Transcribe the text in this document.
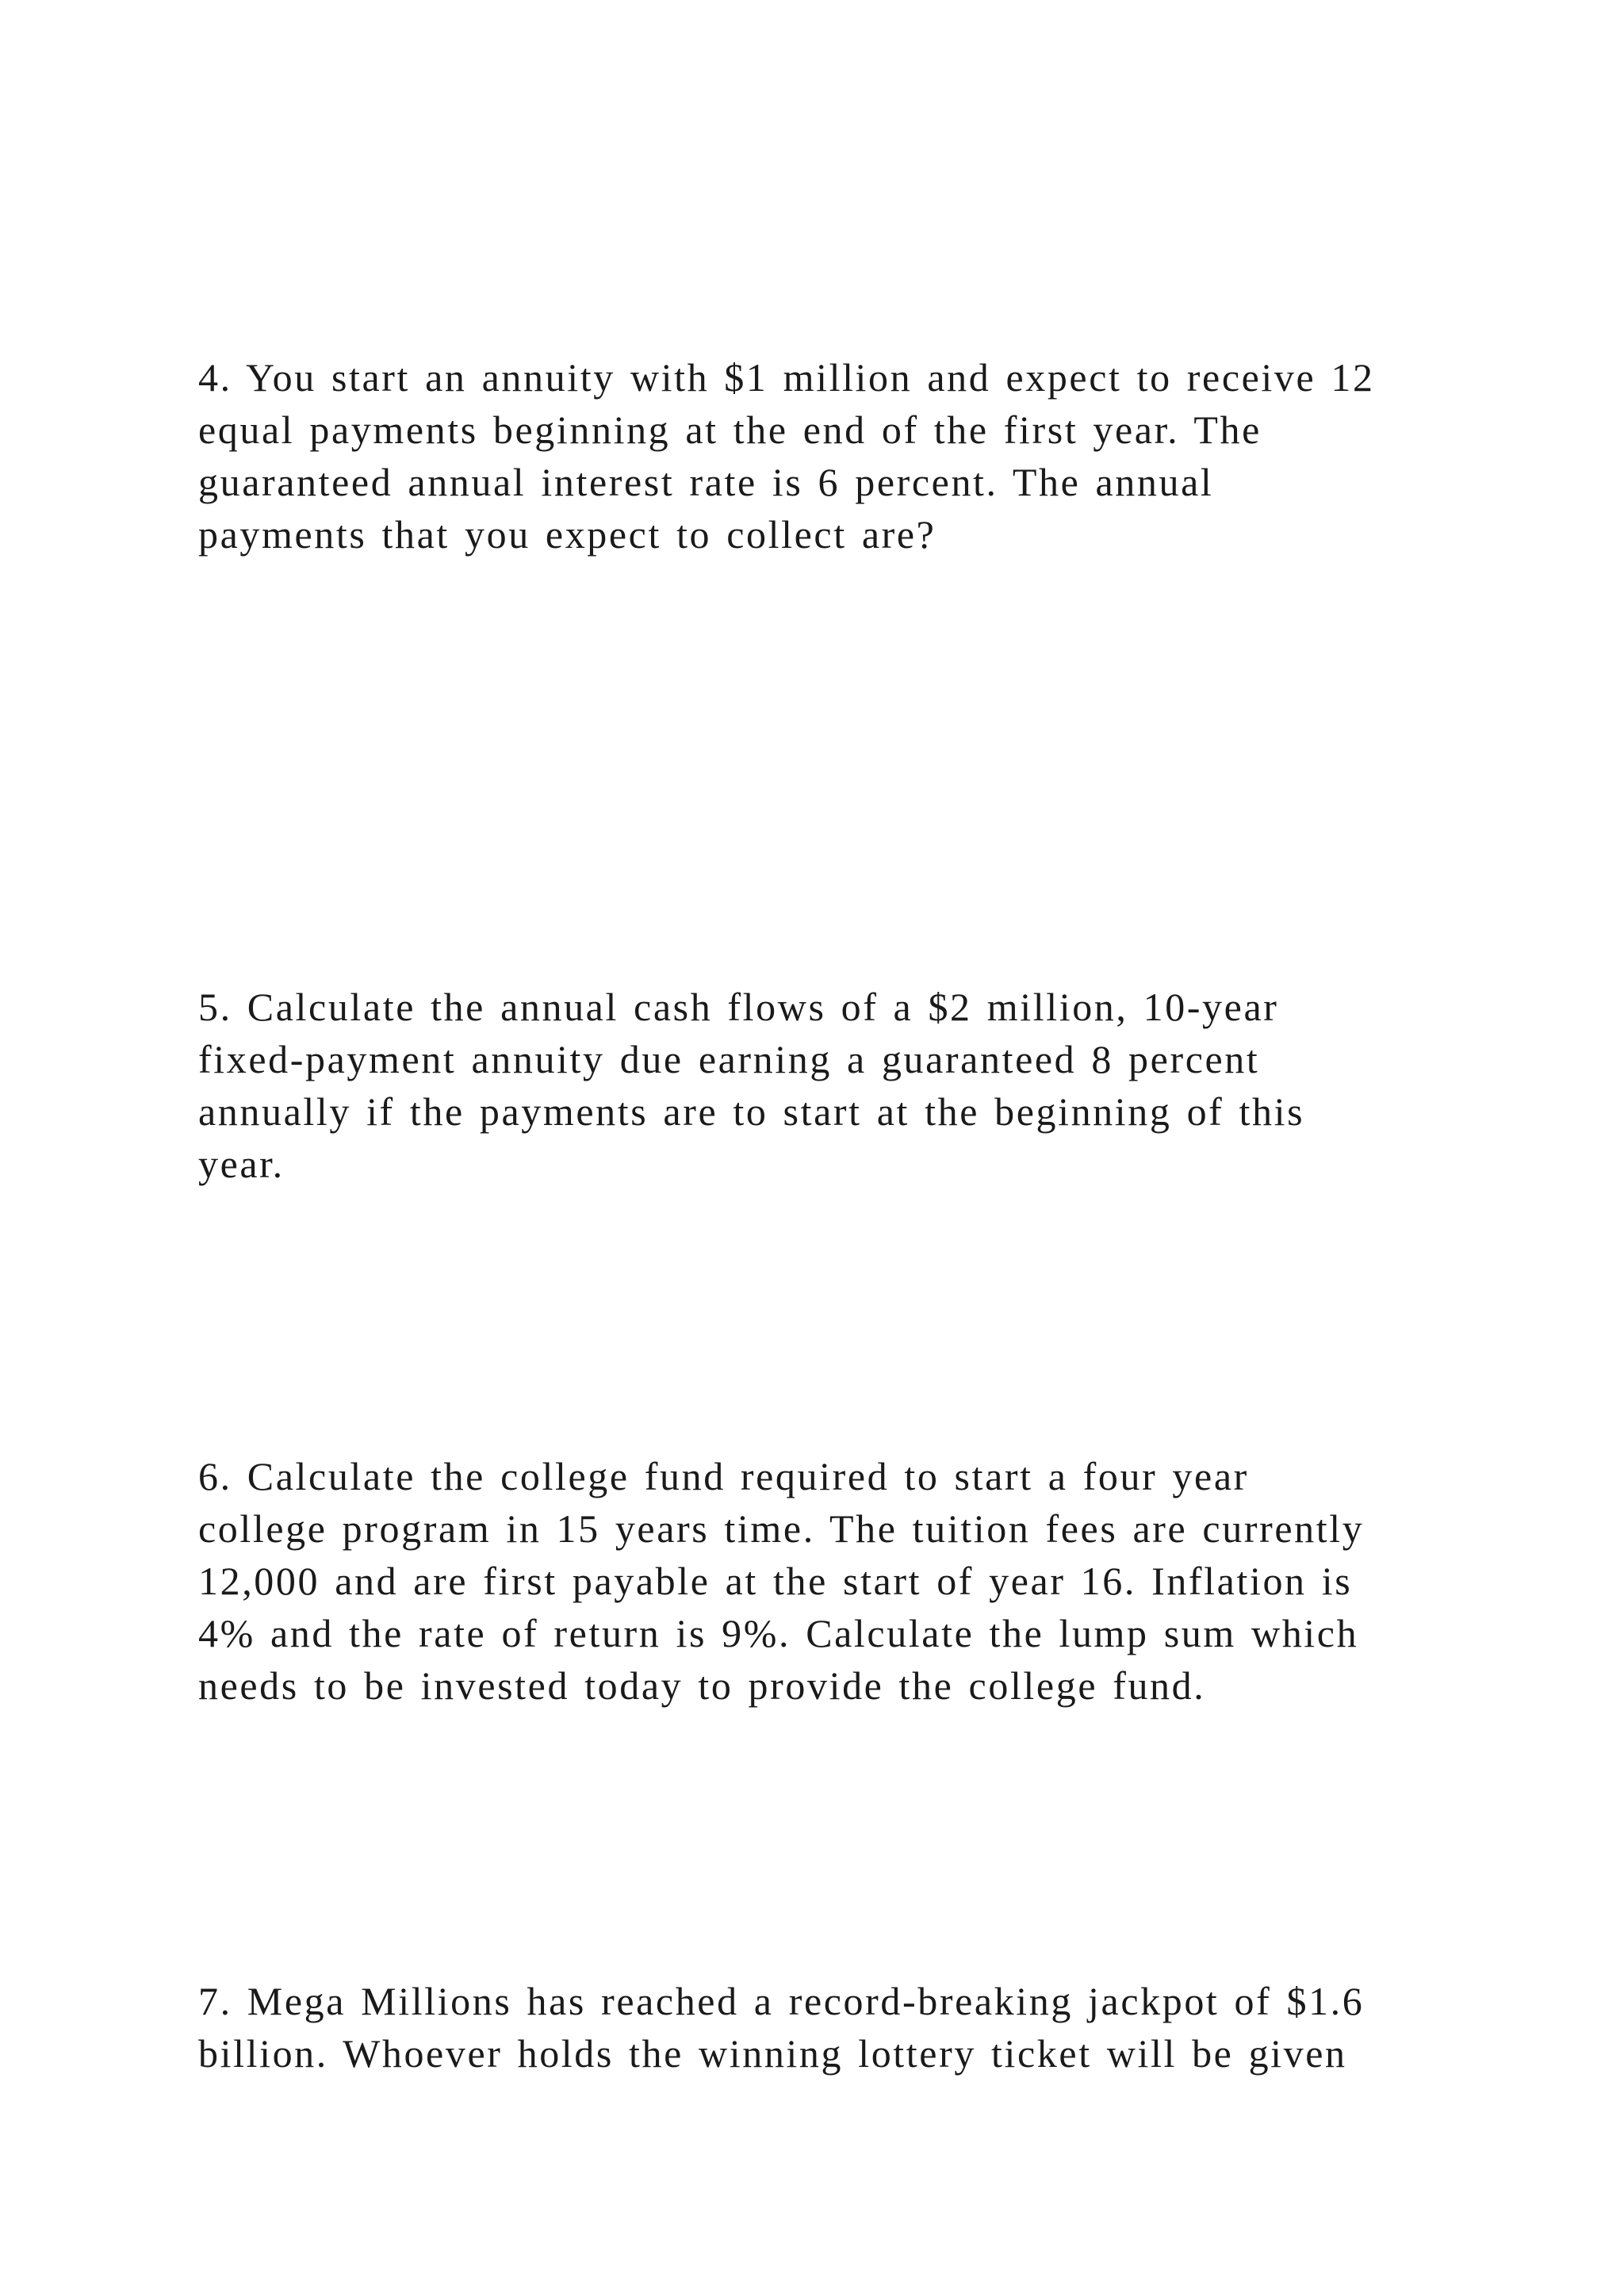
4. You start an annuity with $1 million and expect to receive 12
equal payments beginning at the end of the first year. The
guaranteed annual interest rate is 6 percent. The annual
payments that you expect to collect are?

5. Calculate the annual cash flows of a $2 million, 10-year
fixed-payment annuity due earning a guaranteed 8 percent
annually if the payments are to start at the beginning of this
year.

6. Calculate the college fund required to start a four year
college program in 15 years time. The tuition fees are currently
12,000 and are first payable at the start of year 16. Inflation is
4% and the rate of return is 9%. Calculate the lump sum which
needs to be invested today to provide the college fund.

7. Mega Millions has reached a record-breaking jackpot of $1.6
billion. Whoever holds the winning lottery ticket will be given
